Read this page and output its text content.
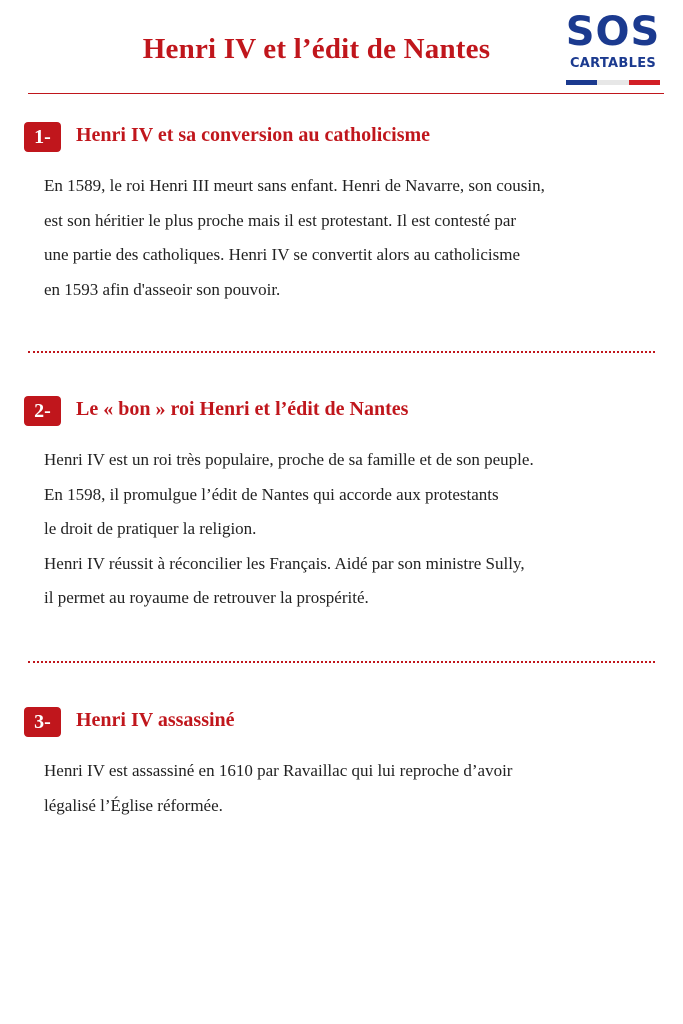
Henri IV et l’édit de Nantes	SOS
CARTABLES
1-	Henri IV et sa conversion au catholicisme
En 1589, le roi Henri III meurt sans enfant. Henri de Navarre, son cousin,
est son héritier le plus proche mais il est protestant. Il est contesté par
une partie des catholiques. Henri IV se convertit alors au catholicisme
en 1593 afin d'asseoir son pouvoir.
2-	Le « bon » roi Henri et l’édit de Nantes
Henri IV est un roi très populaire, proche de sa famille et de son peuple.
En 1598, il promulgue l’édit de Nantes qui accorde aux protestants
le droit de pratiquer la religion.
Henri IV réussit à réconcilier les Français. Aidé par son ministre Sully,
il permet au royaume de retrouver la prospérité.
3-	Henri IV assassiné
Henri IV est assassiné en 1610 par Ravaillac qui lui reproche d’avoir
légalisé l’Église réformée.
